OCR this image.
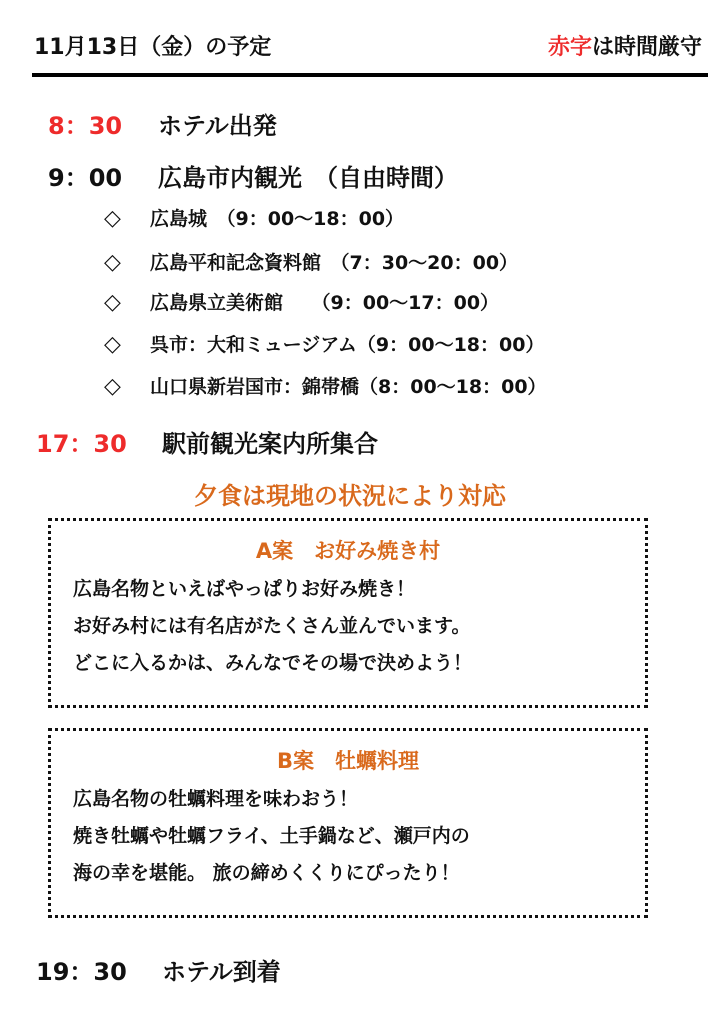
11月13日（金）の予定	赤字は時間厳守
8：30 ホテル出発
9：00 広島市内観光　（自由時間）
◇ 広島城　（9：00～18：00）
◇ 広島平和記念資料館　（7：30～20：00）
◇ 広島県立美術館　　（9：00～17：00）
◇ 呉市：大和ミュージアム（9：00～18：00）
◇ 山口県新岩国市：錦帯橋（8：00～18：00）
17：30 駅前観光案内所集合
夕食は現地の状況により対応
A案　お好み焼き村
広島名物といえばやっぱりお好み焼き！
お好み村には有名店がたくさん並んでいます。
どこに入るかは、みんなでその場で決めよう！
B案　牡蠣料理
広島名物の牡蠣料理を味わおう！
焼き牡蠣や牡蠣フライ、土手鍋など、瀬戸内の
海の幸を堪能。 旅の締めくくりにぴったり！
19：30 ホテル到着
